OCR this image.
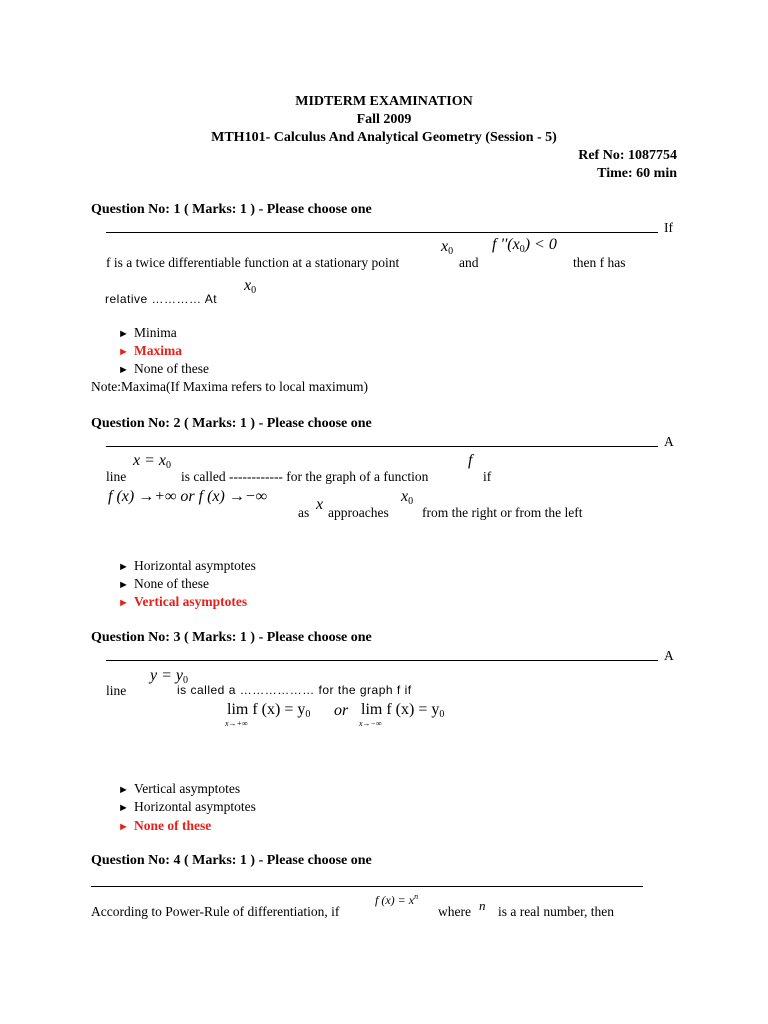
MIDTERM EXAMINATION
Fall 2009
MTH101- Calculus And Analytical Geometry (Session - 5)
Ref No: 1087754
Time: 60 min
Question No: 1 ( Marks: 1 ) - Please choose one
If
$x_0$ f ''$(x_0) < 0$
f is a twice differentiable function at a stationary point	and	then f has
$x_0$
relative ………… At
► Minima
► Maxima
► None of these
Note:Maxima(If Maxima refers to local maximum)
Question No: 2 ( Marks: 1 ) - Please choose one
A
$x = x_0$	f
line	is called ------------ for the graph of a function	if
f (x) →+∞ or f (x) →−∞	x	$x_0$
as approaches from the right or from the left
► Horizontal asymptotes
► None of these
► Vertical asymptotes
Question No: 3 ( Marks: 1 ) - Please choose one
A
$y = y_0$
line	is called a ……………… for the graph f if
lim f $(x) = y_0$ or lim f $(x) = y_0$
x→+∞	x→−∞
► Vertical asymptotes
► Horizontal asymptotes
► None of these
Question No: 4 ( Marks: 1 ) - Please choose one
f $(x) = x^n$
n
According to Power-Rule of differentiation, if	where is a real number, then
